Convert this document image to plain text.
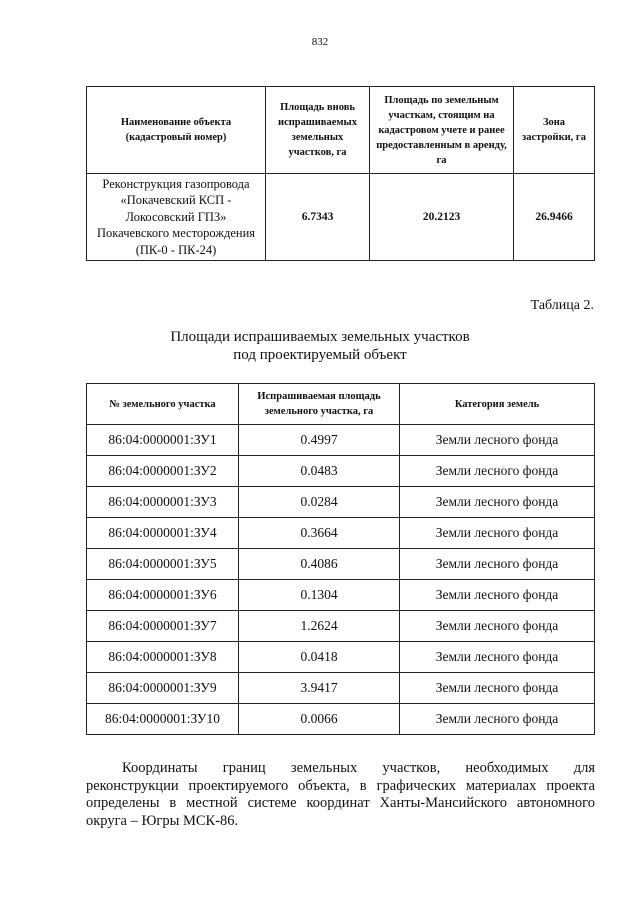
832
Наименование объекта (кадастровый номер)	Площадь вновь испрашиваемых земельных участков, га	Площадь по земельным участкам, стоящим на кадастровом учете и ранее предоставленным в аренду, га	Зона застройки, га

Реконструкция газопровода
«Покачевский КСП -
Локосовский ГПЗ»
Покачевского месторождения
(ПК-0 - ПК-24)	6.7343	20.2123	26.9466
Таблица 2.
Площади испрашиваемых земельных участков
под проектируемый объект
№ земельного участка	Испрашиваемая площадь земельного участка, га	Категория земель
86:04:0000001:ЗУ1	0.4997	Земли лесного фонда
86:04:0000001:ЗУ2	0.0483	Земли лесного фонда
86:04:0000001:ЗУ3	0.0284	Земли лесного фонда
86:04:0000001:ЗУ4	0.3664	Земли лесного фонда
86:04:0000001:ЗУ5	0.4086	Земли лесного фонда
86:04:0000001:ЗУ6	0.1304	Земли лесного фонда
86:04:0000001:ЗУ7	1.2624	Земли лесного фонда
86:04:0000001:ЗУ8	0.0418	Земли лесного фонда
86:04:0000001:ЗУ9	3.9417	Земли лесного фонда
86:04:0000001:ЗУ10	0.0066	Земли лесного фонда
Координаты границ земельных участков, необходимых для
реконструкции проектируемого объекта, в графических материалах проекта определены в местной системе координат Ханты-Мансийского автономного округа – Югры МСК-86.
